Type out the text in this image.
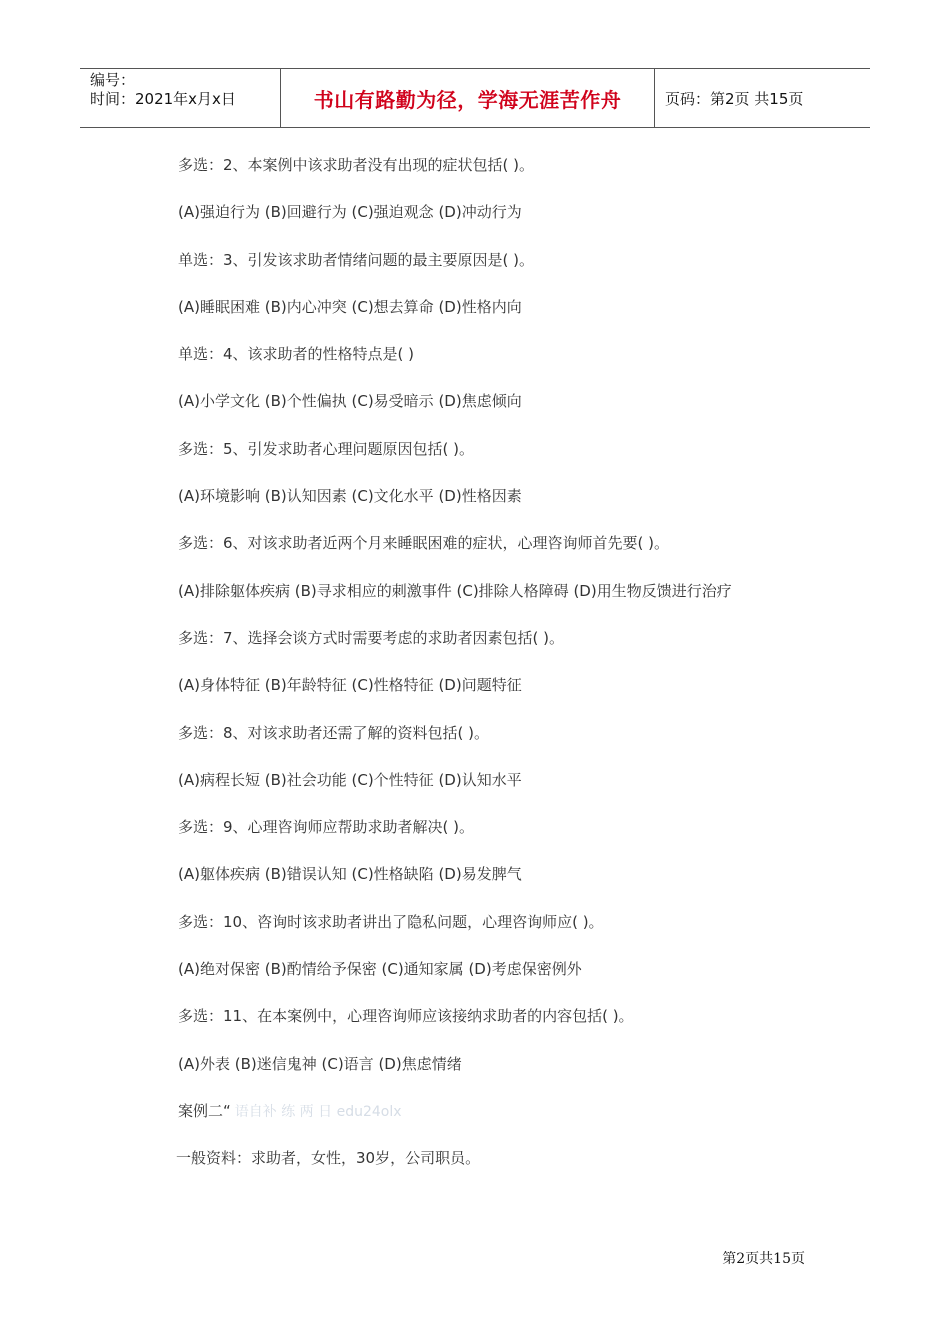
编号：
时间：2021年x月x日	书山有路勤为径，学海无涯苦作舟	页码：第2页 共15页
多选：2、本案例中该求助者没有出现的症状包括( )。
(A)强迫行为 (B)回避行为 (C)强迫观念 (D)冲动行为
单选：3、引发该求助者情绪问题的最主要原因是( )。
(A)睡眠困难 (B)内心冲突 (C)想去算命 (D)性格内向
单选：4、该求助者的性格特点是( )
(A)小学文化 (B)个性偏执 (C)易受暗示 (D)焦虑倾向
多选：5、引发求助者心理问题原因包括( )。
(A)环境影响 (B)认知因素 (C)文化水平 (D)性格因素
多选：6、对该求助者近两个月来睡眠困难的症状，心理咨询师首先要( )。
(A)排除躯体疾病 (B)寻求相应的刺激事件 (C)排除人格障碍 (D)用生物反馈进行治疗
多选：7、选择会谈方式时需要考虑的求助者因素包括( )。
(A)身体特征 (B)年龄特征 (C)性格特征 (D)问题特征
多选：8、对该求助者还需了解的资料包括( )。
(A)病程长短 (B)社会功能 (C)个性特征 (D)认知水平
多选：9、心理咨询师应帮助求助者解决( )。
(A)躯体疾病 (B)错误认知 (C)性格缺陷 (D)易发脾气
多选：10、咨询时该求助者讲出了隐私问题，心理咨询师应( )。
(A)绝对保密 (B)酌情给予保密 (C)通知家属 (D)考虑保密例外
多选：11、在本案例中，心理咨询师应该接纳求助者的内容包括( )。
(A)外表 (B)迷信鬼神 (C)语言 (D)焦虑情绪
案例二“ 语自补 练 两 日 edu24olx
一般资料：求助者，女性，30岁，公司职员。
第2页共15页
